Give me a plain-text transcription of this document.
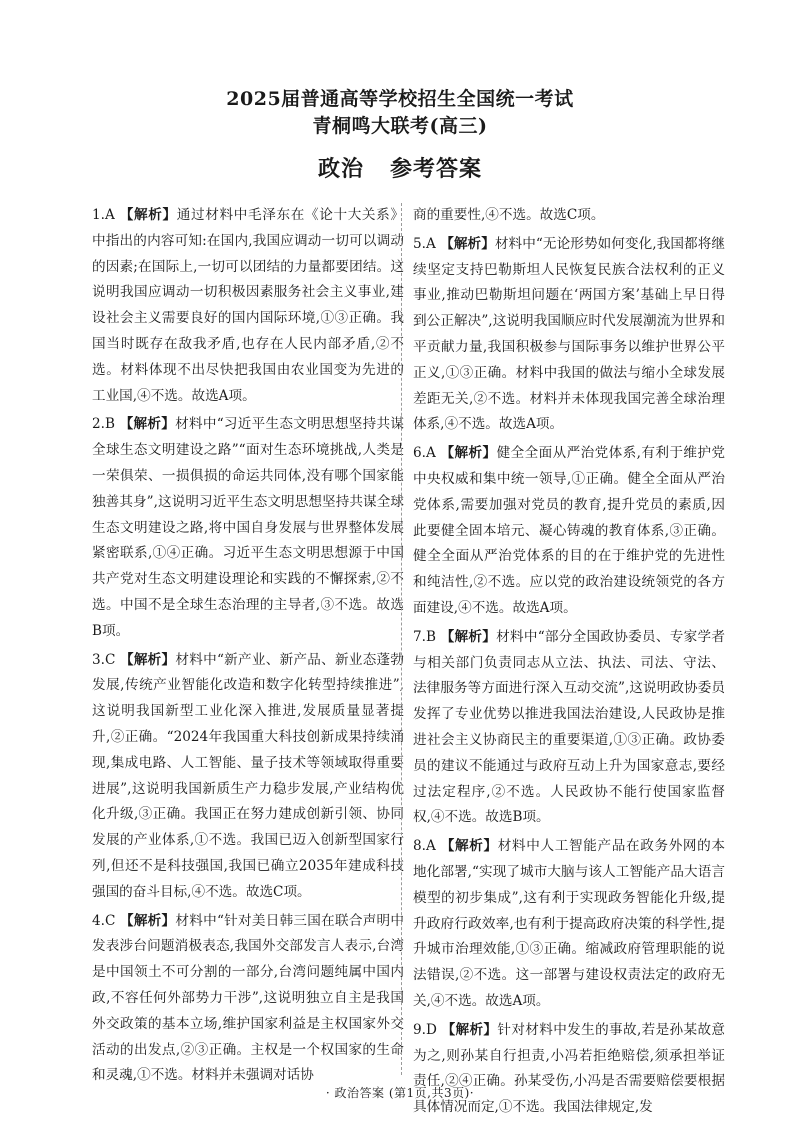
2025届普通高等学校招生全国统一考试
青桐鸣大联考(高三)
政治 参考答案
1.A 【解析】通过材料中毛泽东在《论十大关系》中指出的内容可知:在国内,我国应调动一切可以调动的因素;在国际上,一切可以团结的力量都要团结。这说明我国应调动一切积极因素服务社会主义事业,建设社会主义需要良好的国内国际环境,①③正确。我国当时既存在敌我矛盾,也存在人民内部矛盾,②不选。材料体现不出尽快把我国由农业国变为先进的工业国,④不选。故选A项。
2.B 【解析】材料中“习近平生态文明思想坚持共谋全球生态文明建设之路”“面对生态环境挑战,人类是一荣俱荣、一损俱损的命运共同体,没有哪个国家能独善其身”,这说明习近平生态文明思想坚持共谋全球生态文明建设之路,将中国自身发展与世界整体发展紧密联系,①④正确。习近平生态文明思想源于中国共产党对生态文明建设理论和实践的不懈探索,②不选。中国不是全球生态治理的主导者,③不选。故选B项。
3.C 【解析】材料中“新产业、新产品、新业态蓬勃发展,传统产业智能化改造和数字化转型持续推进”,这说明我国新型工业化深入推进,发展质量显著提升,②正确。“2024年我国重大科技创新成果持续涌现,集成电路、人工智能、量子技术等领域取得重要进展”,这说明我国新质生产力稳步发展,产业结构优化升级,③正确。我国正在努力建成创新引领、协同发展的产业体系,①不选。我国已迈入创新型国家行列,但还不是科技强国,我国已确立2035年建成科技强国的奋斗目标,④不选。故选C项。
4.C 【解析】材料中“针对美日韩三国在联合声明中发表涉台问题消极表态,我国外交部发言人表示,台湾是中国领土不可分割的一部分,台湾问题纯属中国内政,不容任何外部势力干涉”,这说明独立自主是我国外交政策的基本立场,维护国家利益是主权国家外交活动的出发点,②③正确。主权是一个权国家的生命和灵魂,①不选。材料并未强调对话协
商的重要性,④不选。故选C项。
5.A 【解析】材料中“无论形势如何变化,我国都将继续坚定支持巴勒斯坦人民恢复民族合法权利的正义事业,推动巴勒斯坦问题在‘两国方案’基础上早日得到公正解决”,这说明我国顺应时代发展潮流为世界和平贡献力量,我国积极参与国际事务以维护世界公平正义,①③正确。材料中我国的做法与缩小全球发展差距无关,②不选。材料并未体现我国完善全球治理体系,④不选。故选A项。
6.A 【解析】健全全面从严治党体系,有利于维护党中央权威和集中统一领导,①正确。健全全面从严治党体系,需要加强对党员的教育,提升党员的素质,因此要健全固本培元、凝心铸魂的教育体系,③正确。健全全面从严治党体系的目的在于维护党的先进性和纯洁性,②不选。应以党的政治建设统领党的各方面建设,④不选。故选A项。
7.B 【解析】材料中“部分全国政协委员、专家学者与相关部门负责同志从立法、执法、司法、守法、法律服务等方面进行深入互动交流”,这说明政协委员发挥了专业优势以推进我国法治建设,人民政协是推进社会主义协商民主的重要渠道,①③正确。政协委员的建议不能通过与政府互动上升为国家意志,要经过法定程序,②不选。人民政协不能行使国家监督权,④不选。故选B项。
8.A 【解析】材料中人工智能产品在政务外网的本地化部署,“实现了城市大脑与该人工智能产品大语言模型的初步集成”,这有利于实现政务智能化升级,提升政府行政效率,也有利于提高政府决策的科学性,提升城市治理效能,①③正确。缩减政府管理职能的说法错误,②不选。这一部署与建设权责法定的政府无关,④不选。故选A项。
9.D 【解析】针对材料中发生的事故,若是孙某故意为之,则孙某自行担责,小冯若拒绝赔偿,须承担举证责任,②④正确。孙某受伤,小冯是否需要赔偿要根据具体情况而定,①不选。我国法律规定,发
· 政治答案 (第1页,共3页)·
